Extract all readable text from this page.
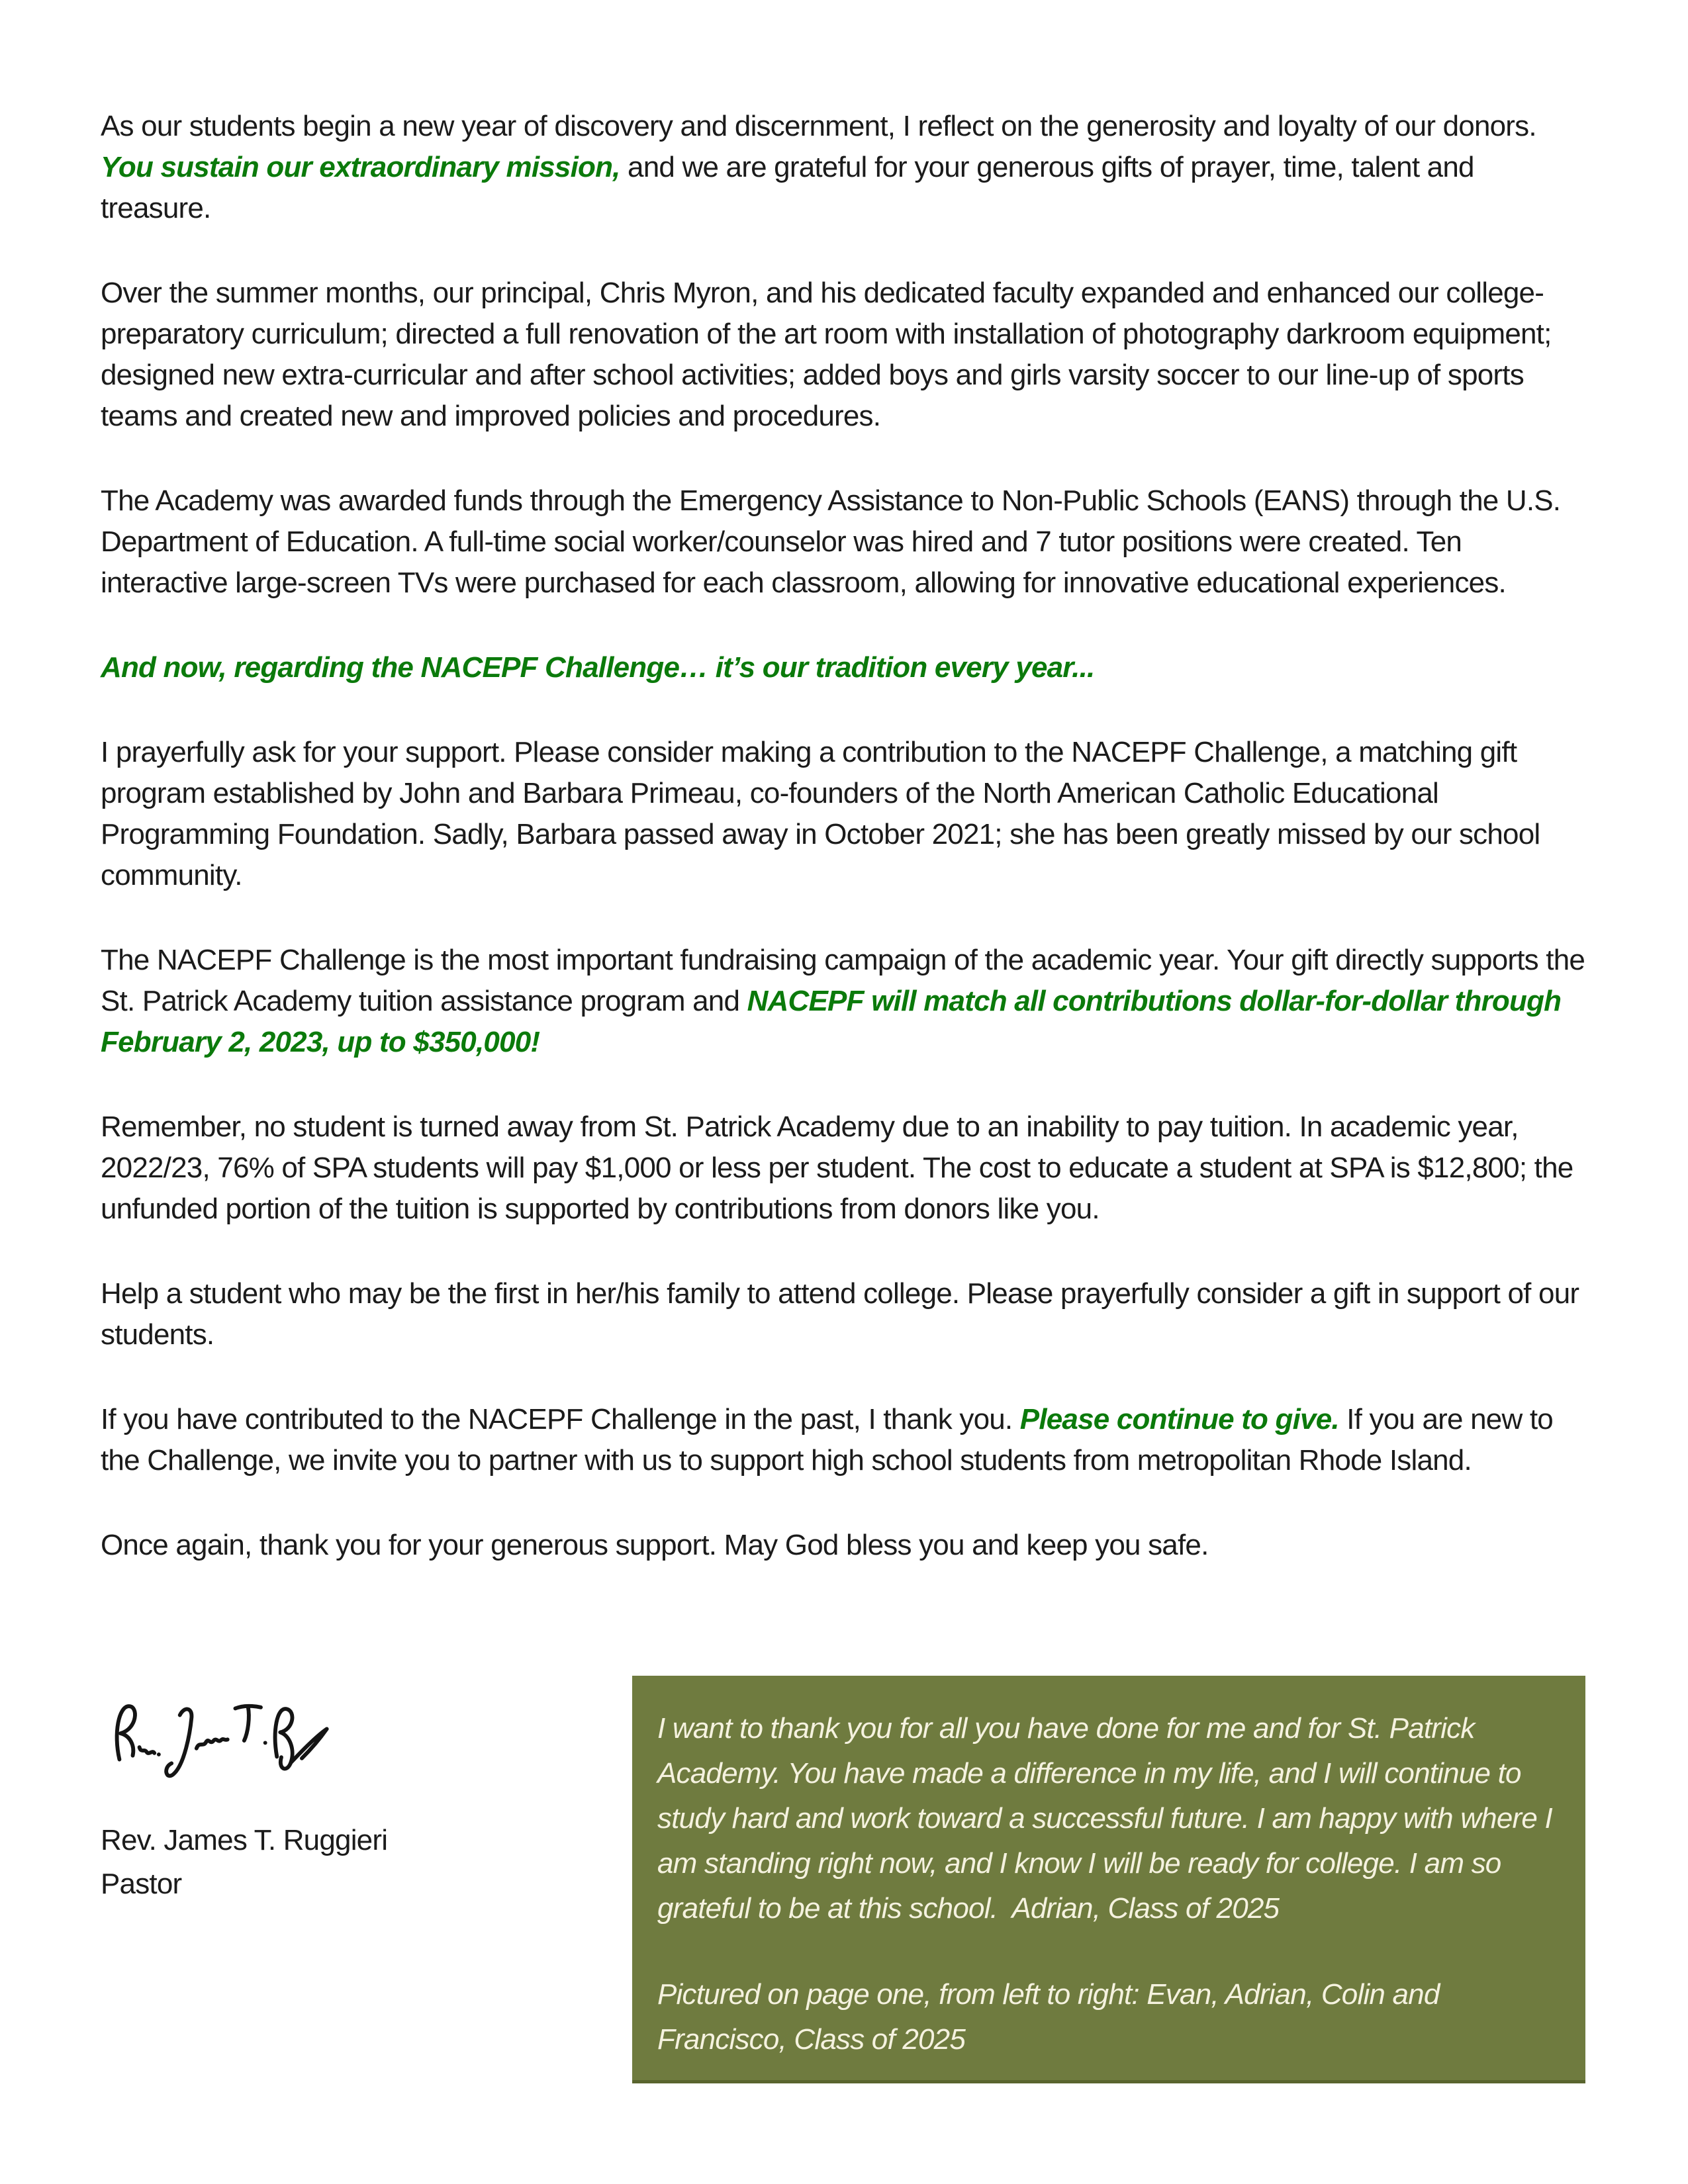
As our students begin a new year of discovery and discernment, I reflect on the generosity and loyalty of our donors. You sustain our extraordinary mission, and we are grateful for your generous gifts of prayer, time, talent and treasure.

Over the summer months, our principal, Chris Myron, and his dedicated faculty expanded and enhanced our college-preparatory curriculum; directed a full renovation of the art room with installation of photography darkroom equipment; designed new extra-curricular and after school activities; added boys and girls varsity soccer to our line-up of sports teams and created new and improved policies and procedures.

The Academy was awarded funds through the Emergency Assistance to Non-Public Schools (EANS) through the U.S. Department of Education. A full-time social worker/counselor was hired and 7 tutor positions were created. Ten interactive large-screen TVs were purchased for each classroom, allowing for innovative educational experiences.

And now, regarding the NACEPF Challenge… it’s our tradition every year...

I prayerfully ask for your support. Please consider making a contribution to the NACEPF Challenge, a matching gift program established by John and Barbara Primeau, co-founders of the North American Catholic Educational Programming Foundation. Sadly, Barbara passed away in October 2021; she has been greatly missed by our school community.

The NACEPF Challenge is the most important fundraising campaign of the academic year. Your gift directly supports the St. Patrick Academy tuition assistance program and NACEPF will match all contributions dollar-for-dollar through February 2, 2023, up to $350,000!

Remember, no student is turned away from St. Patrick Academy due to an inability to pay tuition. In academic year, 2022/23, 76% of SPA students will pay $1,000 or less per student. The cost to educate a student at SPA is $12,800; the unfunded portion of the tuition is supported by contributions from donors like you.

Help a student who may be the first in her/his family to attend college. Please prayerfully consider a gift in support of our students.

If you have contributed to the NACEPF Challenge in the past, I thank you. Please continue to give. If you are new to the Challenge, we invite you to partner with us to support high school students from metropolitan Rhode Island.

Once again, thank you for your generous support. May God bless you and keep you safe.

Rev. James T. Ruggieri
Pastor

I want to thank you for all you have done for me and for St. Patrick Academy. You have made a difference in my life, and I will continue to study hard and work toward a successful future. I am happy with where I am standing right now, and I know I will be ready for college. I am so grateful to be at this school.  Adrian, Class of 2025

Pictured on page one, from left to right: Evan, Adrian, Colin and Francisco, Class of 2025
